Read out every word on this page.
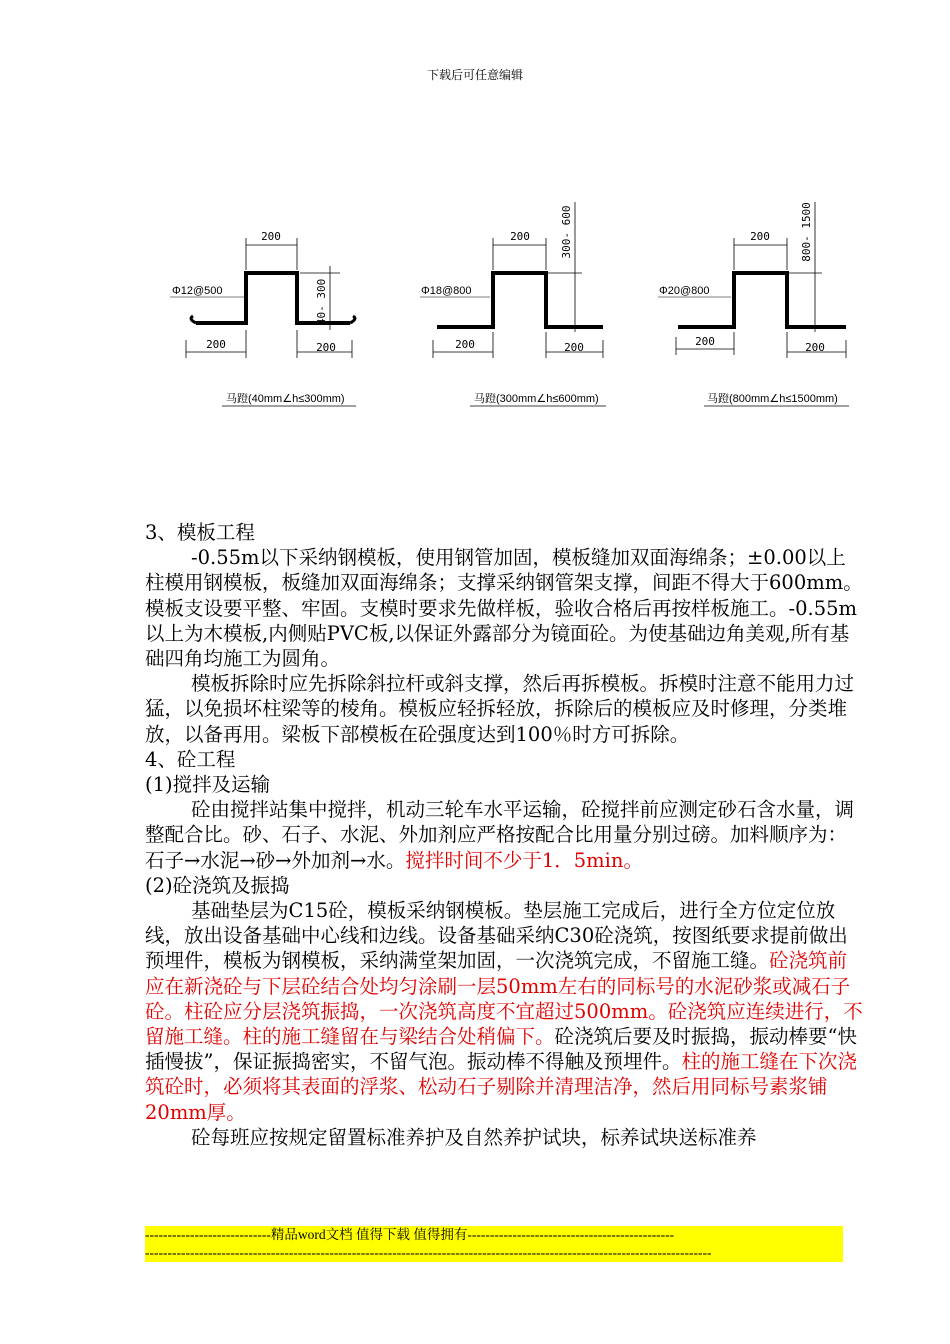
下载后可任意编辑
200
40- 300
Φ12@500
200	200
马蹬(40mm∠h≤300mm)
200	300- 600
Φ18@800
200	200
马蹬(300mm∠h≤600mm)
200	800- 1500
Φ20@800
200	200
马蹬(800mm∠h≤1500mm)

3、模板工程

-0.55m以下采纳钢模板，使用钢管加固，模板缝加双面海绵条；±0.00以上柱模用钢模板，板缝加双面海绵条；支撑采纳钢管架支撑，间距不得大于600mm。模板支设要平整、牢固。支模时要求先做样板，验收合格后再按样板施工。-0.55m以上为木模板,内侧贴PVC板,以保证外露部分为镜面砼。为使基础边角美观,所有基础四角均施工为圆角。

模板拆除时应先拆除斜拉杆或斜支撑，然后再拆模板。拆模时注意不能用力过猛，以免损坏柱梁等的棱角。模板应轻拆轻放，拆除后的模板应及时修理，分类堆放，以备再用。梁板下部模板在砼强度达到100％时方可拆除。

4、砼工程

(1)搅拌及运输

砼由搅拌站集中搅拌，机动三轮车水平运输，砼搅拌前应测定砂石含水量，调整配合比。砂、石子、水泥、外加剂应严格按配合比用量分别过磅。加料顺序为：石子→水泥→砂→外加剂→水。搅拌时间不少于1．5min。

(2)砼浇筑及振捣

基础垫层为C15砼，模板采纳钢模板。垫层施工完成后，进行全方位定位放线，放出设备基础中心线和边线。设备基础采纳C30砼浇筑，按图纸要求提前做出预埋件，模板为钢模板，采纳满堂架加固，一次浇筑完成，不留施工缝。砼浇筑前应在新浇砼与下层砼结合处均匀涂刷一层50mm左右的同标号的水泥砂浆或减石子砼。柱砼应分层浇筑振捣，一次浇筑高度不宜超过500mm。砼浇筑应连续进行，不留施工缝。柱的施工缝留在与梁结合处稍偏下。砼浇筑后要及时振捣，振动棒要“快插慢拔”，保证振捣密实，不留气泡。振动棒不得触及预埋件。柱的施工缝在下次浇筑砼时，必须将其表面的浮浆、松动石子剔除并清理洁净，然后用同标号素浆铺20mm厚。

砼每班应按规定留置标准养护及自然养护试块，标养试块送标准养

----------------------------精品word文档 值得下载 值得拥有----------------------------------------------
------------------------------------------------------------------------------------------------------------------------------
